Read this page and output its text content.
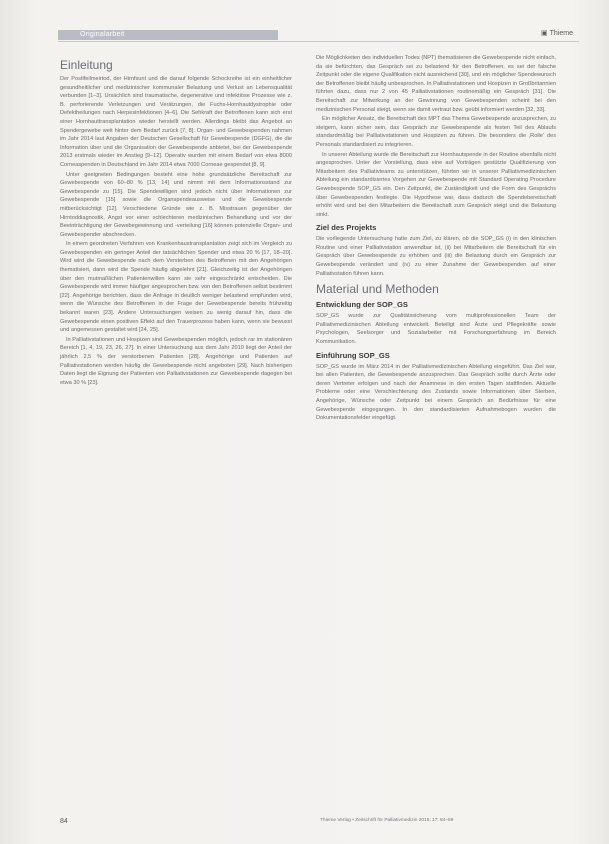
Originalarbeit	▣ Thieme
Einleitung

Der Postlfeilmeirtod, der Hirnfsunt und die darauf folgende Schockreihe ist ein einheitlicher gesundheitlicher und medizinischer kommunaler Belastung und Verlust an Lebensqualität verbunden [1–3]. Ursächlich sind traumatische, degenerative und infektiöse Prozesse wie z. B. perforierende Verletzungen und Verätzungen, die Fuchs-Hornhautdystrophie oder Defektheilungen nach Herpesinfektionen [4–6]. Die Sehkraft der Betroffenen kann sich erst einer Hornhauttransplantation wieder herstellt werden. Allerdings bleibt das Angebot an Spendergewebe weit hinter dem Bedarf zurück [7, 8]. Organ- und Gewebespenden nahmen im Jahr 2014 laut Angaben der Deutschen Gesellschaft für Gewebespende (DGFG), die die Information über und die Organisation der Gewebespende anbietet, bei der Gewebespende 2013 erstmals wieder im Anstieg [9–12]. Operativ wurden mit einem Bedarf von etwa 8000 Corneaspenden in Deutschland im Jahr 2014 etwa 7000 Corneae gespendet [8, 9].

Unter geeigneten Bedingungen besteht eine hohe grundsätzliche Bereitschaft zur Gewebespende von 60–80 % [13, 14] und nimmt mit dem Informationsstand zur Gewebespende zu [15]. Die Spendewilligen sind jedoch nicht über Informationen zur Gewebespende [15] sowie die Organspendeausweise und die Gewebespende mitberücksichtigt [12]. Verschiedene Gründe wie z. B. Misstrauen gegenüber der Hirntoddiagnostik, Angst vor einer schlechteren medizinischen Behandlung und vor der Beeinträchtigung der Gewebegewinnung und -verteilung [16] können potenzielle Organ- und Gewebespender abschrecken.

In einem geordneten Verfahren von Krankenhaustransplantation zeigt sich im Vergleich zu Gewebespenden ein geringer Anteil der tatsächlichen Spender und etwa 20 % [17, 18–20]. Wird wird die Gewebespende nach dem Versterben des Betroffenen mit den Angehörigen thematisiert, dann wird die Spende häufig abgelehnt [21]. Gleichzeitig ist der Angehörigen über den mutmaßlichen Patientenwillen kann sie sehr eingeschränkt entscheiden. Die Gewebespende wird immer häufiger angesprochen bzw. von den Betroffenen selbst bestimmt [22]. Angehörige berichten, dass die Anfrage in deutlich weniger belastend empfunden wird, wenn die Wünsche des Betroffenen in der Frage der Gewebespende bereits frühzeitig bekannt waren [23]. Andere Untersuchungen weisen zu wenig darauf hin, dass die Gewebespende einen positiven Effekt auf den Trauerprozess haben kann, wenn sie bewusst und angemessen gestaltet wird [24, 25].

In Palliativstationen und Hospizen sind Gewebespenden möglich, jedoch rar im stationären Bereich [1, 4, 19, 23, 26, 27]. In einer Untersuchung aus dem Jahr 2010 liegt der Anteil der jährlich 2,5 % der verstorbenen Patienten [28]. Angehörige und Patienten auf Palliativstationen werden häufig die Gewebespende nicht angeboten [29]. Nach bisherigen Daten liegt die Eignung der Patienten von Palliativstationen zur Gewebespende dagegen bei etwa 30 % [23].

Die Möglichkeiten des individuellen Todes (NPT) thematisieren die Gewebespende nicht einfach, da sie befürchten, das Gespräch sei zu belastend für den Betroffenen, es sei der falsche Zeitpunkt oder die eigene Qualifikation nicht ausreichend [30], und ein möglicher Spendewunsch der Betroffenen bleibt häufig unbesprochen. In Palliativstationen und Hospizen in Großbritannien führten dazu, dass nur 2 von 45 Palliativstationen routinemäßig ein Gespräch [31]. Die Bereitschaft zur Mitwirkung an der Gewinnung von Gewebespenden scheint bei den medizinischen Personal steigt, wenn sie damit vertraut bzw. geübt informiert werden [32, 33].

Ein möglicher Ansatz, die Bereitschaft des MPT das Thema Gewebespende anzusprechen, zu steigern, kann sicher sein, das Gespräch zur Gewebespende als festen Teil des Ablaufs standardmäßig bei Palliativstationen und Hospizen zu führen. Die besonders die ‚Rolle‘ des Personals standardisiert zu integrieren.

In unserer Abteilung wurde die Bereitschaft zur Hornhautspende in der Routine ebenfalls nicht angesprochen. Unter der Vorstellung, dass eine auf Vorträgen gestützte Qualifizierung von Mitarbeitern des Palliativteams zu unterstützen, führten wir in unserer Palliativmedizinischen Abteilung ein standardisiertes Vorgehen zur Gewebespende mit Standard Operating Procedure Gewebespende SOP_GS ein. Den Zeitpunkt, die Zuständigkeit und die Form des Gesprächs über Gewebespenden festlegte. Die Hypothese war, dass dadurch die Spendebereitschaft erhöht wird und bei den Mitarbeitern die Bereitschaft zum Gespräch steigt und die Belastung sinkt.

Ziel des Projekts

Die vorliegende Untersuchung hatte zum Ziel, zu klären, ob die SOP_GS (i) in den klinischen Routine und einer Palliativstation anwendbar ist, (ii) bei Mitarbeitern die Bereitschaft für ein Gespräch über Gewebespende zu erhöhen und (iii) die Belastung durch ein Gespräch zur Gewebespende verändert und (iv) zu einer Zunahme der Gewebespenden auf einer Palliativstation führen kann.

Material und Methoden
Entwicklung der SOP_GS

SOP_GS wurde zur Qualitätssicherung vom multiprofessionellen Team der Palliativmedizinischen Abteilung entwickelt. Beteiligt sind Ärzte und Pflegekräfte sowie Psychologen, Seelsorger und Sozialarbeiter mit Forschungserfahrung im Bereich Kommunikation.

Einführung SOP_GS

SOP_GS wurde im März 2014 in der Palliativmedizinischen Abteilung eingeführt. Das Ziel war, bei allen Patienten, die Gewebespende anzusprechen. Das Gespräch sollte durch Ärzte oder deren Vertreter erfolgen und nach der Anamnese in den ersten Tagen stattfinden. Aktuelle Probleme oder eine Verschlechterung des Zustands sowie Informationen über Sterben, Angehörige, Wünsche oder Zeitpunkt bei einem Gespräch an Bedürfnisse für eine Gewebespende eingegangen. In den standardisierten Aufnahmebogen wurden die Dokumentationsfelder eingefügt.

84	Thieme Verlag • Zeitschrift für Palliativmedizin 2016; 17: 84–89
